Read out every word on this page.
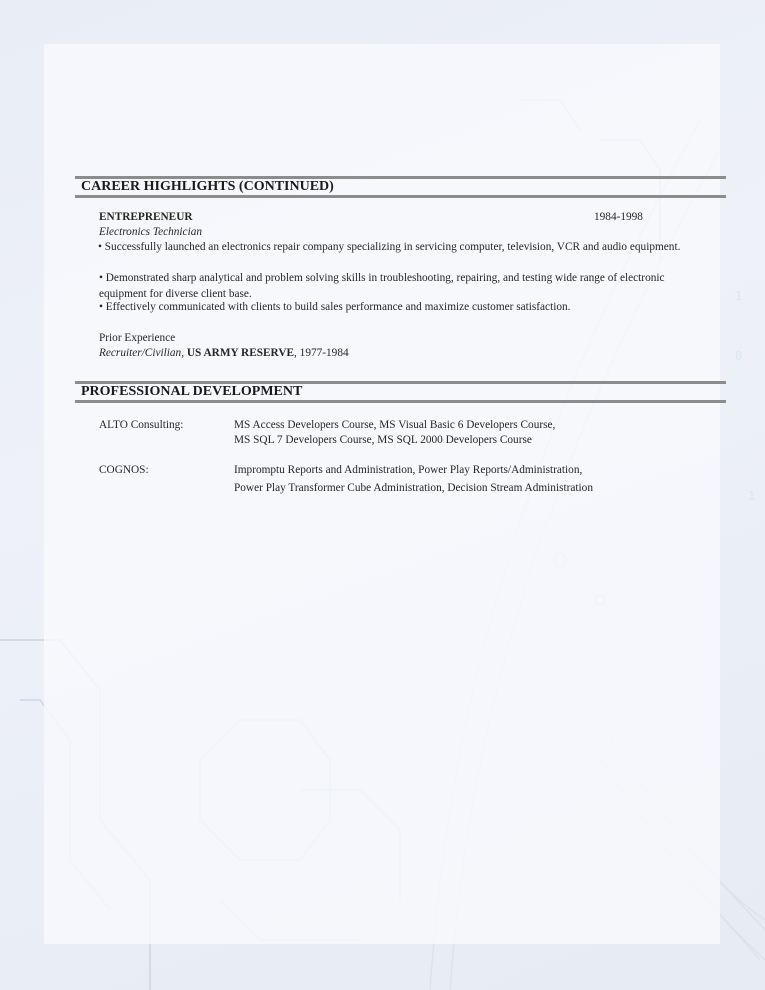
0
1
1
CAREER HIGHLIGHTS (CONTINUED)
ENTREPRENEUR	1984-1998
Electronics Technician
• Successfully launched an electronics repair company specializing in servicing computer, television, VCR and audio equipment.
• Demonstrated sharp analytical and problem solving skills in troubleshooting, repairing, and testing wide range of electronic equipment for diverse client base.
• Effectively communicated with clients to build sales performance and maximize customer satisfaction.
Prior Experience
Recruiter/Civilian, US ARMY RESERVE, 1977-1984
PROFESSIONAL DEVELOPMENT
ALTO Consulting:	MS Access Developers Course, MS Visual Basic 6 Developers Course,
MS SQL 7 Developers Course, MS SQL 2000 Developers Course
COGNOS:	Impromptu Reports and Administration, Power Play Reports/Administration,
Power Play Transformer Cube Administration, Decision Stream Administration
